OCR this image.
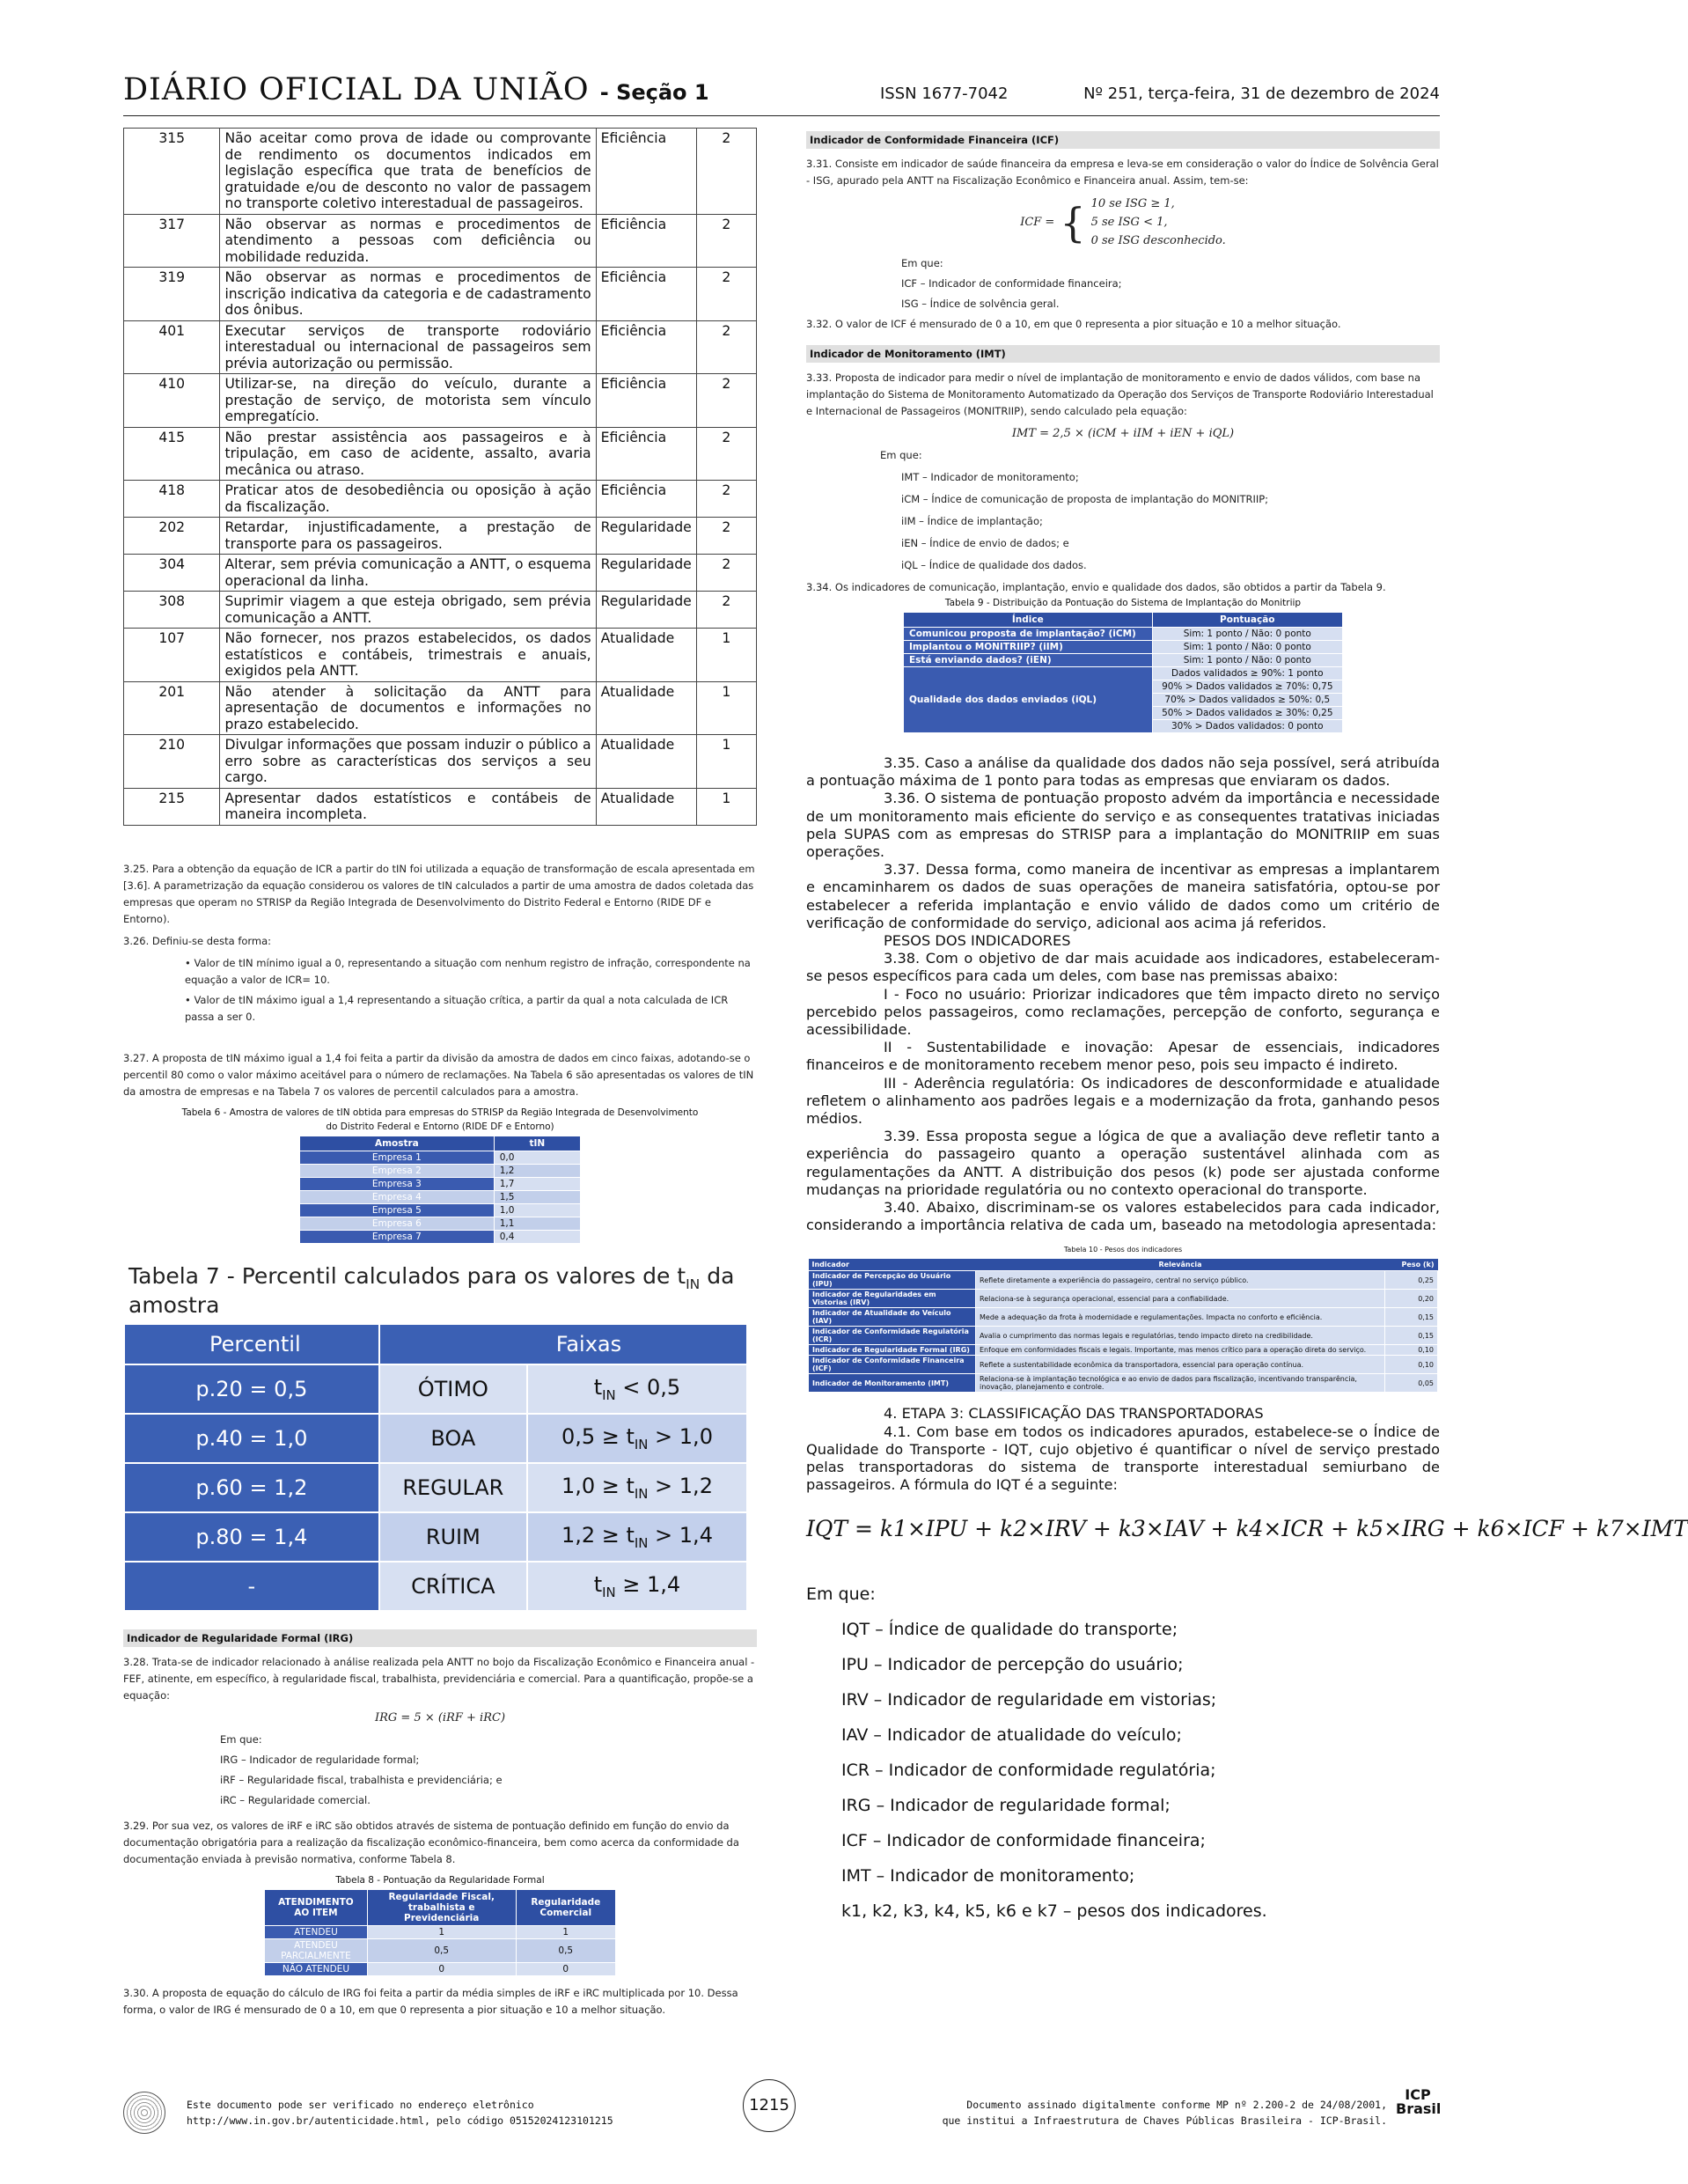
DIÁRIO OFICIAL DA UNIÃO - Seção 1	ISSN 1677-7042	Nº 251, terça-feira, 31 de dezembro de 2024
315	Não aceitar como prova de idade ou comprovante de rendimento os documentos indicados em legislação específica que trata de benefícios de gratuidade e/ou de desconto no valor de passagem no transporte coletivo interestadual de passageiros.	Eficiência	2
317	Não observar as normas e procedimentos de atendimento a pessoas com deficiência ou mobilidade reduzida.	Eficiência	2
319	Não observar as normas e procedimentos de inscrição indicativa da categoria e de cadastramento dos ônibus.	Eficiência	2
401	Executar serviços de transporte rodoviário interestadual ou internacional de passageiros sem prévia autorização ou permissão.	Eficiência	2
410	Utilizar-se, na direção do veículo, durante a prestação de serviço, de motorista sem vínculo empregatício.	Eficiência	2
415	Não prestar assistência aos passageiros e à tripulação, em caso de acidente, assalto, avaria mecânica ou atraso.	Eficiência	2
418	Praticar atos de desobediência ou oposição à ação da fiscalização.	Eficiência	2
202	Retardar, injustificadamente, a prestação de transporte para os passageiros.	Regularidade	2
304	Alterar, sem prévia comunicação a ANTT, o esquema operacional da linha.	Regularidade	2
308	Suprimir viagem a que esteja obrigado, sem prévia comunicação a ANTT.	Regularidade	2
107	Não fornecer, nos prazos estabelecidos, os dados estatísticos e contábeis, trimestrais e anuais, exigidos pela ANTT.	Atualidade	1
201	Não atender à solicitação da ANTT para apresentação de documentos e informações no prazo estabelecido.	Atualidade	1
210	Divulgar informações que possam induzir o público a erro sobre as características dos serviços a seu cargo.	Atualidade	1
215	Apresentar dados estatísticos e contábeis de maneira incompleta.	Atualidade	1

3.25. Para a obtenção da equação de ICR a partir do tIN foi utilizada a equação de transformação de escala apresentada em [3.6]. A parametrização da equação considerou os valores de tIN calculados a partir de uma amostra de dados coletada das empresas que operam no STRISP da Região Integrada de Desenvolvimento do Distrito Federal e Entorno (RIDE DF e Entorno).

3.26. Definiu-se desta forma:

• Valor de tIN mínimo igual a 0, representando a situação com nenhum registro de infração, correspondente na equação a valor de ICR= 10.

• Valor de tIN máximo igual a 1,4 representando a situação crítica, a partir da qual a nota calculada de ICR passa a ser 0.

3.27. A proposta de tIN máximo igual a 1,4 foi feita a partir da divisão da amostra de dados em cinco faixas, adotando-se o percentil 80 como o valor máximo aceitável para o número de reclamações. Na Tabela 6 são apresentadas os valores de tIN da amostra de empresas e na Tabela 7 os valores de percentil calculados para a amostra.

Tabela 6 - Amostra de valores de tIN obtida para empresas do STRISP da Região Integrada de Desenvolvimento do Distrito Federal e Entorno (RIDE DF e Entorno)
Amostra	tIN
Empresa 1	0,0
Empresa 2	1,2
Empresa 3	1,7
Empresa 4	1,5
Empresa 5	1,0
Empresa 6	1,1
Empresa 7	0,4
Tabela 7 - Percentil calculados para os valores de $t_{IN}$ da amostra
Percentil	Faixas	
p.20 = 0,5	ÓTIMO	$t_{IN} < 0,5$
p.40 = 1,0	BOA	$0,5 \ge t_{IN} > 1,0$
p.60 = 1,2	REGULAR	$1,0 \ge t_{IN} > 1,2$
p.80 = 1,4	RUIM	$1,2 \ge t_{IN} > 1,4$
-	CRÍTICA	$t_{IN} \ge 1,4$
Indicador de Regularidade Formal (IRG)

3.28. Trata-se de indicador relacionado à análise realizada pela ANTT no bojo da Fiscalização Econômico e Financeira anual - FEF, atinente, em específico, à regularidade fiscal, trabalhista, previdenciária e comercial. Para a quantificação, propõe-se a equação:

IRG = 5 × (iRF + iRC)

Em que:

IRG – Indicador de regularidade formal;

iRF – Regularidade fiscal, trabalhista e previdenciária; e

iRC – Regularidade comercial.

3.29. Por sua vez, os valores de iRF e iRC são obtidos através de sistema de pontuação definido em função do envio da documentação obrigatória para a realização da fiscalização econômico-financeira, bem como acerca da conformidade da documentação enviada à previsão normativa, conforme Tabela 8.

Tabela 8 - Pontuação da Regularidade Formal
ATENDIMENTO AO ITEM	Regularidade Fiscal, trabalhista e Previdenciária	Regularidade Comercial
ATENDEU	1	1
ATENDEU PARCIALMENTE	0,5	0,5
NÃO ATENDEU	0	0
3.30. A proposta de equação do cálculo de IRG foi feita a partir da média simples de iRF e iRC multiplicada por 10. Dessa forma, o valor de IRG é mensurado de 0 a 10, em que 0 representa a pior situação e 10 a melhor situação.
Indicador de Conformidade Financeira (ICF)

3.31. Consiste em indicador de saúde financeira da empresa e leva-se em consideração o valor do Índice de Solvência Geral - ISG, apurado pela ANTT na Fiscalização Econômico e Financeira anual. Assim, tem-se:

ICF = { 10 se ISG ≥ 1,
5 se ISG < 1,
0 se ISG desconhecido.

Em que:

ICF – Indicador de conformidade financeira;

ISG – Índice de solvência geral.

3.32. O valor de ICF é mensurado de 0 a 10, em que 0 representa a pior situação e 10 a melhor situação.

Indicador de Monitoramento (IMT)

3.33. Proposta de indicador para medir o nível de implantação de monitoramento e envio de dados válidos, com base na implantação do Sistema de Monitoramento Automatizado da Operação dos Serviços de Transporte Rodoviário Interestadual e Internacional de Passageiros (MONITRIIP), sendo calculado pela equação:

IMT = 2,5 × (iCM + iIM + iEN + iQL)

Em que:

IMT – Indicador de monitoramento;

iCM – Índice de comunicação de proposta de implantação do MONITRIIP;

iIM – Índice de implantação;

iEN – Índice de envio de dados; e

iQL – Índice de qualidade dos dados.

3.34. Os indicadores de comunicação, implantação, envio e qualidade dos dados, são obtidos a partir da Tabela 9.

Tabela 9 - Distribuição da Pontuação do Sistema de Implantação do Monitriip
Índice	Pontuação
Comunicou proposta de implantação? (iCM)	Sim: 1 ponto / Não: 0 ponto
Implantou o MONITRIIP? (iIM)	Sim: 1 ponto / Não: 0 ponto
Está enviando dados? (iEN)	Sim: 1 ponto / Não: 0 ponto
Qualidade dos dados enviados (iQL)	Dados validados ≥ 90%: 1 ponto
	90% > Dados validados ≥ 70%: 0,75
	70% > Dados validados ≥ 50%: 0,5
	50% > Dados validados ≥ 30%: 0,25
	30% > Dados validados: 0 ponto

3.35. Caso a análise da qualidade dos dados não seja possível, será atribuída a pontuação máxima de 1 ponto para todas as empresas que enviaram os dados.

3.36. O sistema de pontuação proposto advém da importância e necessidade de um monitoramento mais eficiente do serviço e as consequentes tratativas iniciadas pela SUPAS com as empresas do STRISP para a implantação do MONITRIIP em suas operações.

3.37. Dessa forma, como maneira de incentivar as empresas a implantarem e encaminharem os dados de suas operações de maneira satisfatória, optou-se por estabelecer a referida implantação e envio válido de dados como um critério de verificação de conformidade do serviço, adicional aos acima já referidos.

PESOS DOS INDICADORES

3.38. Com o objetivo de dar mais acuidade aos indicadores, estabeleceram-se pesos específicos para cada um deles, com base nas premissas abaixo:

I - Foco no usuário: Priorizar indicadores que têm impacto direto no serviço percebido pelos passageiros, como reclamações, percepção de conforto, segurança e acessibilidade.

II - Sustentabilidade e inovação: Apesar de essenciais, indicadores financeiros e de monitoramento recebem menor peso, pois seu impacto é indireto.

III - Aderência regulatória: Os indicadores de desconformidade e atualidade refletem o alinhamento aos padrões legais e a modernização da frota, ganhando pesos médios.

3.39. Essa proposta segue a lógica de que a avaliação deve refletir tanto a experiência do passageiro quanto a operação sustentável alinhada com as regulamentações da ANTT. A distribuição dos pesos (k) pode ser ajustada conforme mudanças na prioridade regulatória ou no contexto operacional do transporte.

3.40. Abaixo, discriminam-se os valores estabelecidos para cada indicador, considerando a importância relativa de cada um, baseado na metodologia apresentada:

Tabela 10 - Pesos dos indicadores
Indicador	Relevância	Peso (k)
Indicador de Percepção do Usuário (IPU)	Reflete diretamente a experiência do passageiro, central no serviço público.	0,25
Indicador de Regularidades em Vistorias (IRV)	Relaciona-se à segurança operacional, essencial para a confiabilidade.	0,20
Indicador de Atualidade do Veículo (IAV)	Mede a adequação da frota à modernidade e regulamentações. Impacta no conforto e eficiência.	0,15
Indicador de Conformidade Regulatória (ICR)	Avalia o cumprimento das normas legais e regulatórias, tendo impacto direto na credibilidade.	0,15
Indicador de Regularidade Formal (IRG)	Enfoque em conformidades fiscais e legais. Importante, mas menos crítico para a operação direta do serviço.	0,10
Indicador de Conformidade Financeira (ICF)	Reflete a sustentabilidade econômica da transportadora, essencial para operação contínua.	0,10
Indicador de Monitoramento (IMT)	Relaciona-se à implantação tecnológica e ao envio de dados para fiscalização, incentivando transparência, inovação, planejamento e controle.	0,05

4. ETAPA 3: CLASSIFICAÇÃO DAS TRANSPORTADORAS

4.1. Com base em todos os indicadores apurados, estabelece-se o Índice de Qualidade do Transporte - IQT, cujo objetivo é quantificar o nível de serviço prestado pelas transportadoras do sistema de transporte interestadual semiurbano de passageiros. A fórmula do IQT é a seguinte:

IQT = k1×IPU + k2×IRV + k3×IAV + k4×ICR + k5×IRG + k6×ICF + k7×IMT

Em que:

IQT – Índice de qualidade do transporte;

IPU – Indicador de percepção do usuário;

IRV – Indicador de regularidade em vistorias;

IAV – Indicador de atualidade do veículo;

ICR – Indicador de conformidade regulatória;

IRG – Indicador de regularidade formal;

ICF – Indicador de conformidade financeira;

IMT – Indicador de monitoramento;

k1, k2, k3, k4, k5, k6 e k7 – pesos dos indicadores.

Este documento pode ser verificado no endereço eletrônico
http://www.in.gov.br/autenticidade.html, pelo código 05152024123101215
1215	Documento assinado digitalmente conforme MP nº 2.200-2 de 24/08/2001,
que institui a Infraestrutura de Chaves Públicas Brasileira - ICP-Brasil.
ICP Brasil
